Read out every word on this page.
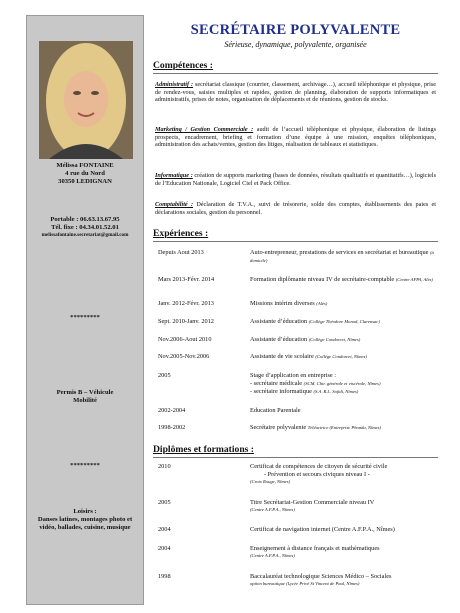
Mélissa FONTAINE
4 rue du Nord
30350 LEDIGNAN
Portable : 06.63.13.67.95
Tél. fixe : 04.34.01.52.01
melissafontaine.secretariat@gmail.com
*********
Permis B – Véhicule
Mobilité
*********
Loisirs :
Danses latines, montages photo et
vidéo, ballades, cuisine, musique
SECRÉTAIRE POLYVALENTE
Sérieuse, dynamique, polyvalente, organisée
Compétences :
Administratif : secrétariat classique (courrier, classement, archivage…), accueil téléphonique et physique, prise de rendez-vous, saisies multiples et rapides, gestion de planning, élaboration de supports informatiques et administratifs, prises de notes, organisation de déplacements et de réunions, gestion de stocks.
Marketing / Gestion Commerciale : audit de l’accueil téléphonique et physique, élaboration de listings prospects, encadrement, briefing et formation d’une équipe à une mission, enquêtes téléphoniques, administration des achats/ventes, gestion des litiges, réalisation de tableaux et statistiques.
Informatique : création de supports marketing (bases de données, résultats qualitatifs et quantitatifs…), logiciels de l’Education Nationale, Logiciel Ciel et Pack Office.
Comptabilité : Déclaration de T.V.A., suivi de trésorerie, solde des comptes, établissements des paies et déclarations sociales, gestion du personnel.
Expériences :
Depuis Aout 2013	Auto-entrepreneur, prestations de services en secrétariat et bureautique (à domicile)
Mars 2013-Févr. 2014	Formation diplômante niveau IV de secrétaire-comptable (Centre AFPA, Alès)
Janv. 2012-Févr. 2013	Missions intérim diverses (Alès)
Sept. 2010-Janv. 2012	Assistante d’éducation (Collège Théodore Monod, Clarensac)
Nov.2006-Aout 2010	Assistante d’éducation (Collège Condorcet, Nîmes)
Nov.2005-Nov.2006	Assistante de vie scolaire (Collège Condorcet, Nîmes)
2005	Stage d’application en entreprise :
- secrétaire médicale (SCM. Chir. générale et viscérale, Nîmes)
- secrétaire informatique (S.A .R.L. Sofidi, Nîmes)
2002-2004	Education Parentale
1998-2002	Secrétaire polyvalente Téléactrice (Entreprise Phonda, Nîmes)
Diplômes et formations :
2010	Certificat de compétences de citoyen de sécurité civile
- Prévention et secours civiques niveau I -
(Croix Rouge, Nîmes)
2005	Titre Secrétariat-Gestion Commerciale niveau IV
(Centre A.F.P.A., Nîmes)
2004	Certificat de navigation internet (Centre A.F.P.A., Nîmes)
2004	Enseignement à distance français et mathématiques
(Centre A.F.P.A., Nîmes)
1998	Baccalauréat technologique Sciences Médico – Sociales
option bureautique (Lycée Privé St Vincent de Paul, Nîmes)
